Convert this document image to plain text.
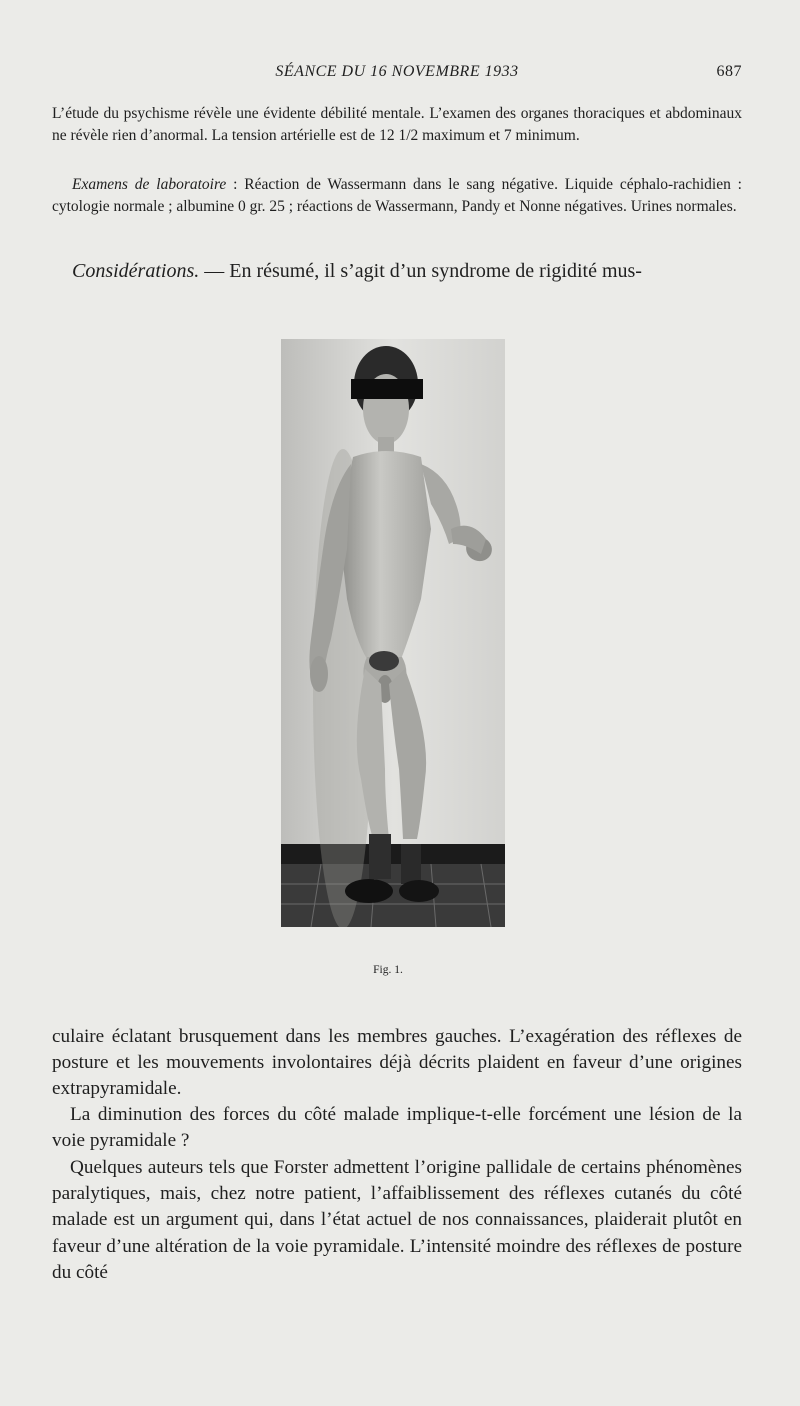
SÉANCE DU 16 NOVEMBRE 1933	687

L’étude du psychisme révèle une évidente débilité mentale. L’examen des organes thoraciques et abdominaux ne révèle rien d’anormal. La tension artérielle est de 12 1/2 maximum et 7 minimum.

Examens de laboratoire : Réaction de Wassermann dans le sang négative. Liquide céphalo-rachidien : cytologie normale ; albumine 0 gr. 25 ; réactions de Wassermann, Pandy et Nonne négatives. Urines normales.

Considérations. — En résumé, il s’agit d’un syndrome de rigidité mus-

Fig. 1.

culaire éclatant brusquement dans les membres gauches. L’exagération des réflexes de posture et les mouvements involontaires déjà décrits plaident en faveur d’une origines extrapyramidale.

La diminution des forces du côté malade implique-t-elle forcément une lésion de la voie pyramidale ?

Quelques auteurs tels que Forster admettent l’origine pallidale de certains phénomènes paralytiques, mais, chez notre patient, l’affaiblissement des réflexes cutanés du côté malade est un argument qui, dans l’état actuel de nos connaissances, plaiderait plutôt en faveur d’une altération de la voie pyramidale. L’intensité moindre des réflexes de posture du côté
